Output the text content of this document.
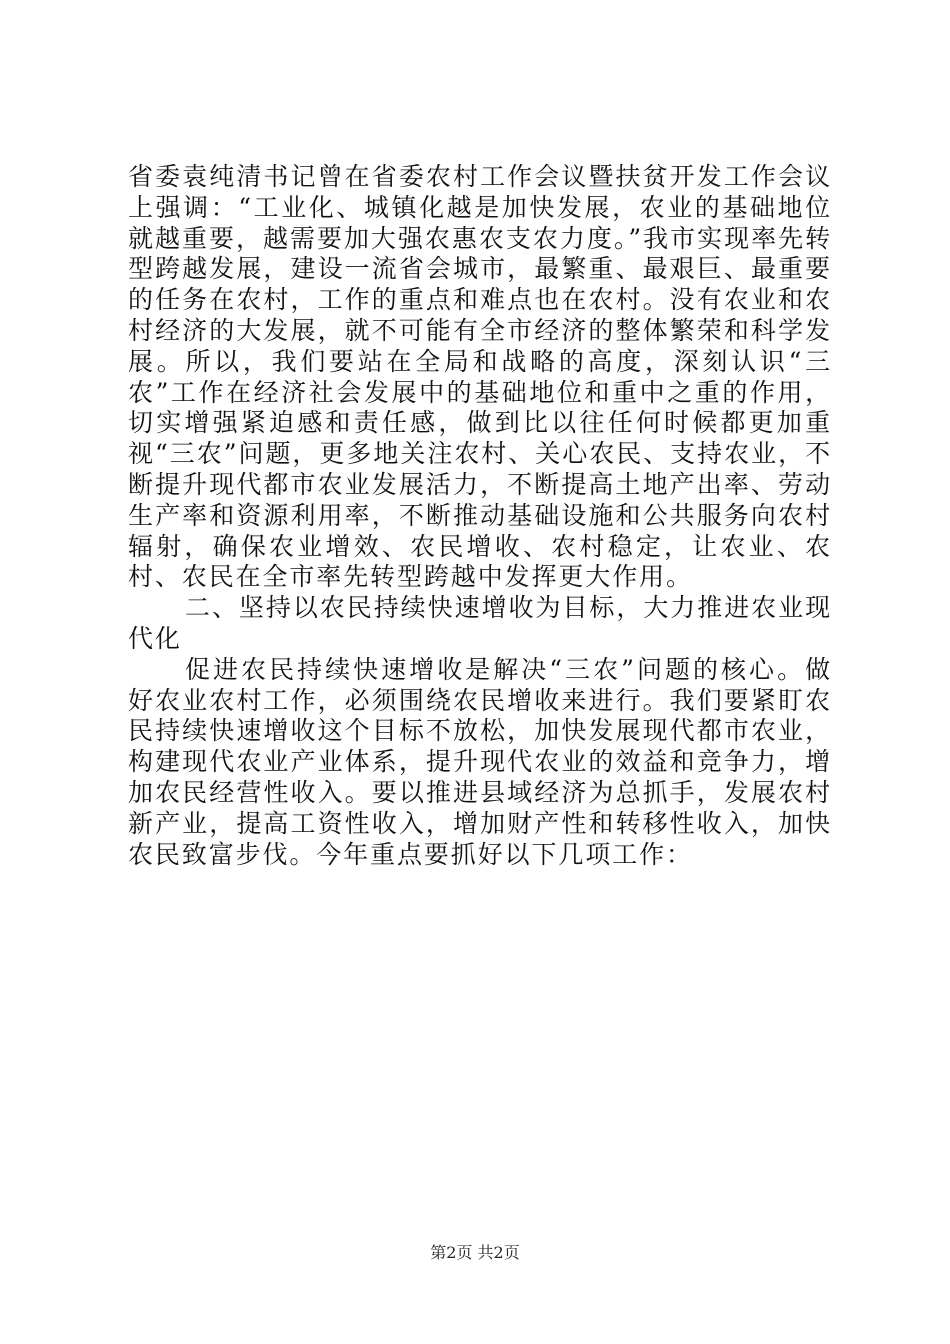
省委袁纯清书记曾在省委农村工作会议暨扶贫开发工作会议上强调：“工业化、城镇化越是加快发展，农业的基础地位就越重要，越需要加大强农惠农支农力度。”我市实现率先转型跨越发展，建设一流省会城市，最繁重、最艰巨、最重要的任务在农村，工作的重点和难点也在农村。没有农业和农村经济的大发展，就不可能有全市经济的整体繁荣和科学发展。所以，我们要站在全局和战略的高度，深刻认识“三农”工作在经济社会发展中的基础地位和重中之重的作用，切实增强紧迫感和责任感，做到比以往任何时候都更加重视“三农”问题，更多地关注农村、关心农民、支持农业，不断提升现代都市农业发展活力，不断提高土地产出率、劳动生产率和资源利用率，不断推动基础设施和公共服务向农村辐射，确保农业增效、农民增收、农村稳定，让农业、农村、农民在全市率先转型跨越中发挥更大作用。

二、坚持以农民持续快速增收为目标，大力推进农业现代化

促进农民持续快速增收是解决“三农”问题的核心。做好农业农村工作，必须围绕农民增收来进行。我们要紧盯农民持续快速增收这个目标不放松，加快发展现代都市农业，构建现代农业产业体系，提升现代农业的效益和竞争力，增加农民经营性收入。要以推进县域经济为总抓手，发展农村新产业，提高工资性收入，增加财产性和转移性收入，加快农民致富步伐。今年重点要抓好以下几项工作：

第2页 共2页
